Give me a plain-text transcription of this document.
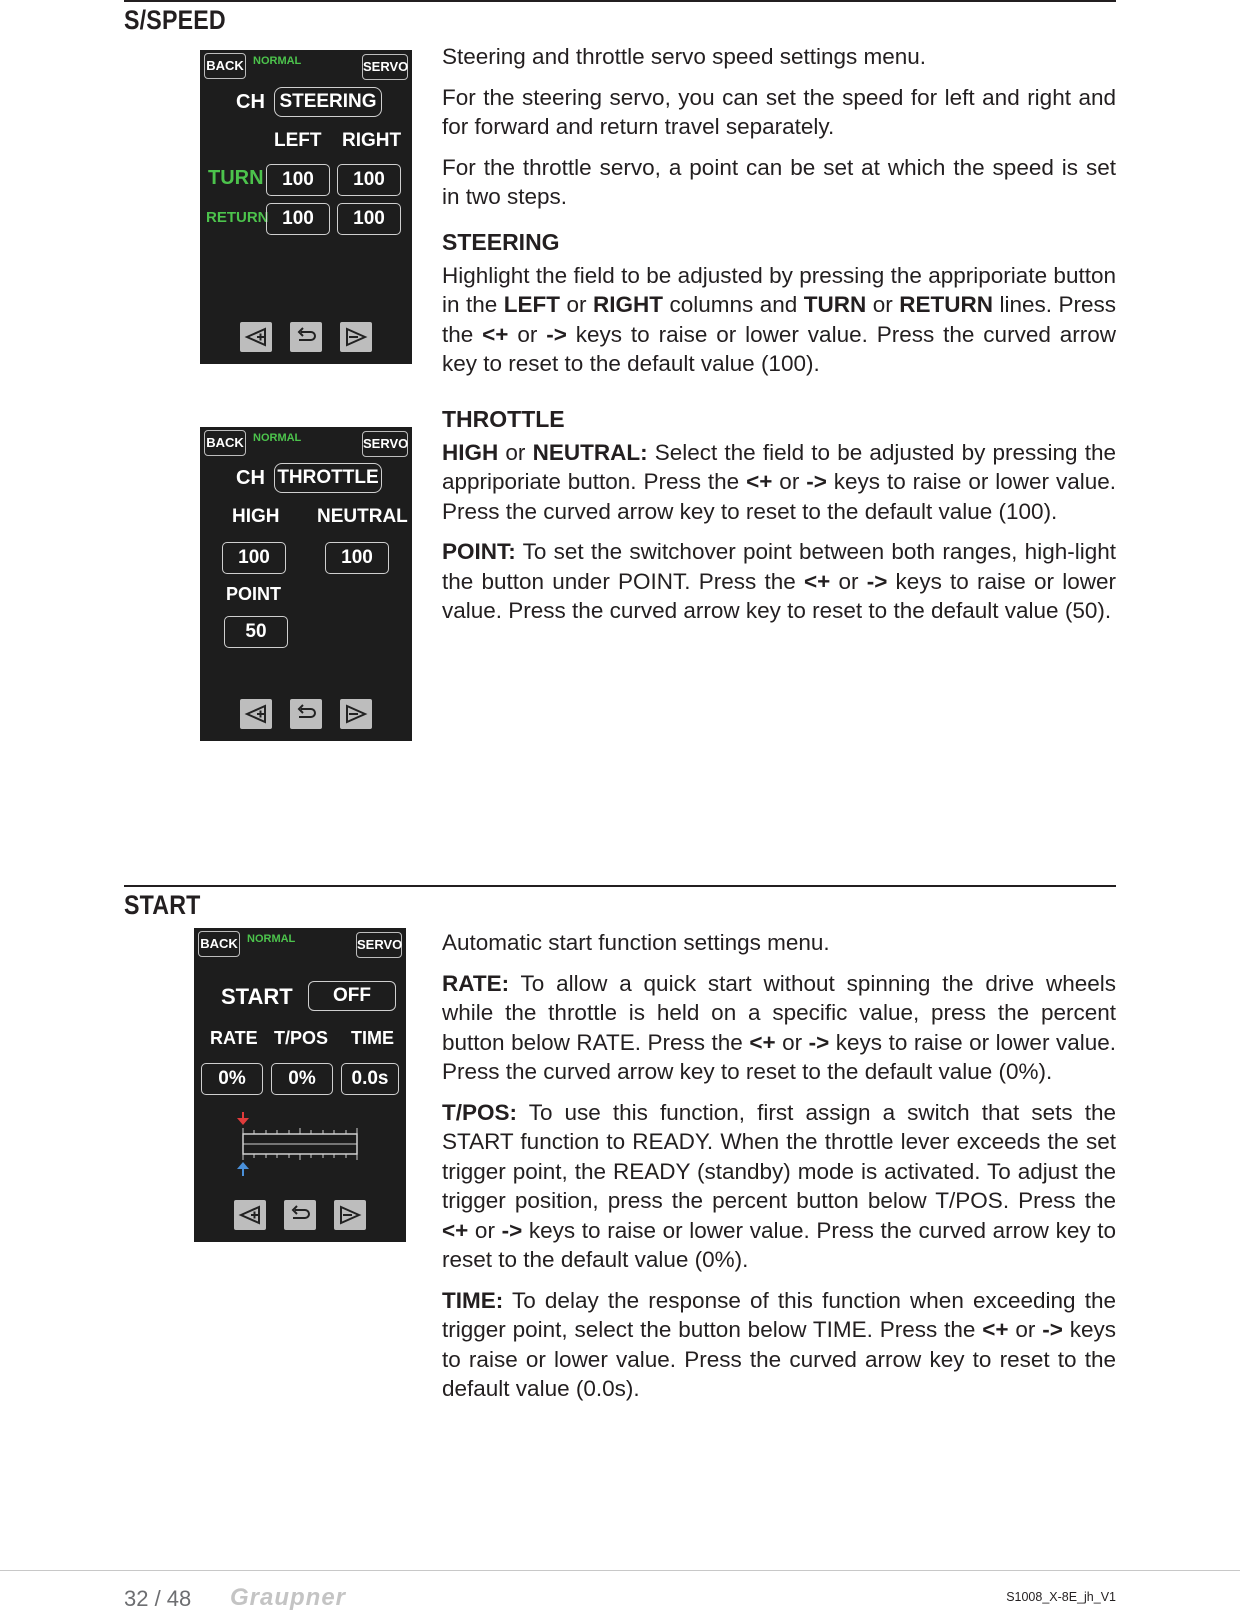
S/SPEED
BACK NORMAL	SERVO
CH STEERING
LEFT RIGHT
TURN 100	100
RETURN 100	100
BACK NORMAL	SERVO
CH THROTTLE
HIGH NEUTRAL
100	100
POINT
50

Steering and throttle servo speed settings menu.

For the steering servo, you can set the speed for left and right and for forward and return travel separately.

For the throttle servo, a point can be set at which the speed is set in two steps.

STEERING

Highlight the field to be adjusted by pressing the appriporiate button in the LEFT or RIGHT columns and TURN or RETURN lines. Press the <+ or -> keys to raise or lower value. Press the curved arrow key to reset to the default value (100).

THROTTLE

HIGH or NEUTRAL: Select the field to be adjusted by pressing the appriporiate button. Press the <+ or -> keys to raise or lower value. Press the curved arrow key to reset to the default value (100).

POINT: To set the switchover point between both ranges, high-light the button under POINT. Press the <+ or -> keys to raise or lower value. Press the curved arrow key to reset to the default value (50).

START
BACK NORMAL	SERVO
START	OFF
RATE T/POS TIME
0%	0%	0.0s

Automatic start function settings menu.

RATE: To allow a quick start without spinning the drive wheels while the throttle is held on a specific value, press the percent button below RATE. Press the <+ or -> keys to raise or lower value. Press the curved arrow key to reset to the default value (0%).

T/POS: To use this function, first assign a switch that sets the START function to READY. When the throttle lever exceeds the set trigger point, the READY (standby) mode is activated. To adjust the trigger position, press the percent button below T/POS. Press the <+ or -> keys to raise or lower value. Press the curved arrow key to reset to the default value (0%).

TIME: To delay the response of this function when exceeding the trigger point, select the button below TIME. Press the <+ or -> keys to raise or lower value. Press the curved arrow key to reset to the default value (0.0s).

32 / 48 Graupner	S1008_X-8E_jh_V1
